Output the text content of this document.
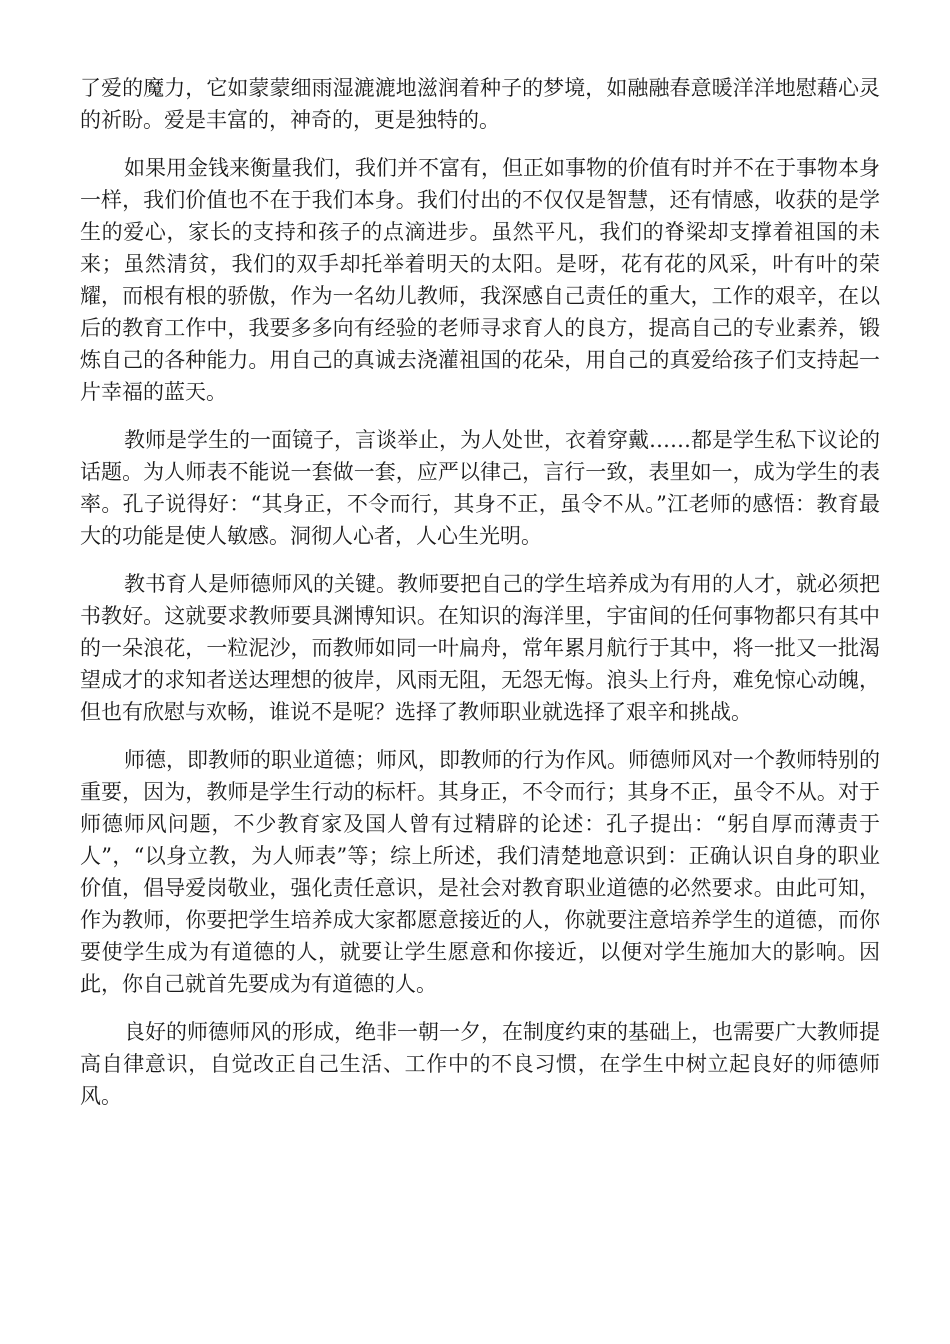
了爱的魔力，它如蒙蒙细雨湿漉漉地滋润着种子的梦境，如融融春意暖洋洋地慰藉心灵的祈盼。爱是丰富的，神奇的，更是独特的。

如果用金钱来衡量我们，我们并不富有，但正如事物的价值有时并不在于事物本身一样，我们价值也不在于我们本身。我们付出的不仅仅是智慧，还有情感，收获的是学生的爱心，家长的支持和孩子的点滴进步。虽然平凡，我们的脊梁却支撑着祖国的未来；虽然清贫，我们的双手却托举着明天的太阳。是呀，花有花的风采，叶有叶的荣耀，而根有根的骄傲，作为一名幼儿教师，我深感自己责任的重大，工作的艰辛，在以后的教育工作中，我要多多向有经验的老师寻求育人的良方，提高自己的专业素养，锻炼自己的各种能力。用自己的真诚去浇灌祖国的花朵，用自己的真爱给孩子们支持起一片幸福的蓝天。

教师是学生的一面镜子，言谈举止，为人处世，衣着穿戴……都是学生私下议论的话题。为人师表不能说一套做一套，应严以律己，言行一致，表里如一，成为学生的表率。孔子说得好：“其身正，不令而行，其身不正，虽令不从。”江老师的感悟：教育最大的功能是使人敏感。洞彻人心者，人心生光明。

教书育人是师德师风的关键。教师要把自己的学生培养成为有用的人才，就必须把书教好。这就要求教师要具渊博知识。在知识的海洋里，宇宙间的任何事物都只有其中的一朵浪花，一粒泥沙，而教师如同一叶扁舟，常年累月航行于其中，将一批又一批渴望成才的求知者送达理想的彼岸，风雨无阻，无怨无悔。浪头上行舟，难免惊心动魄，但也有欣慰与欢畅，谁说不是呢？选择了教师职业就选择了艰辛和挑战。

师德，即教师的职业道德；师风，即教师的行为作风。师德师风对一个教师特别的重要，因为，教师是学生行动的标杆。其身正，不令而行；其身不正，虽令不从。对于师德师风问题，不少教育家及国人曾有过精辟的论述：孔子提出：“躬自厚而薄责于人”，“以身立教，为人师表”等；综上所述，我们清楚地意识到：正确认识自身的职业价值，倡导爱岗敬业，强化责任意识，是社会对教育职业道德的必然要求。由此可知，作为教师，你要把学生培养成大家都愿意接近的人，你就要注意培养学生的道德，而你要使学生成为有道德的人，就要让学生愿意和你接近，以便对学生施加大的影响。因此，你自己就首先要成为有道德的人。

良好的师德师风的形成，绝非一朝一夕，在制度约束的基础上，也需要广大教师提高自律意识，自觉改正自己生活、工作中的不良习惯，在学生中树立起良好的师德师风。
